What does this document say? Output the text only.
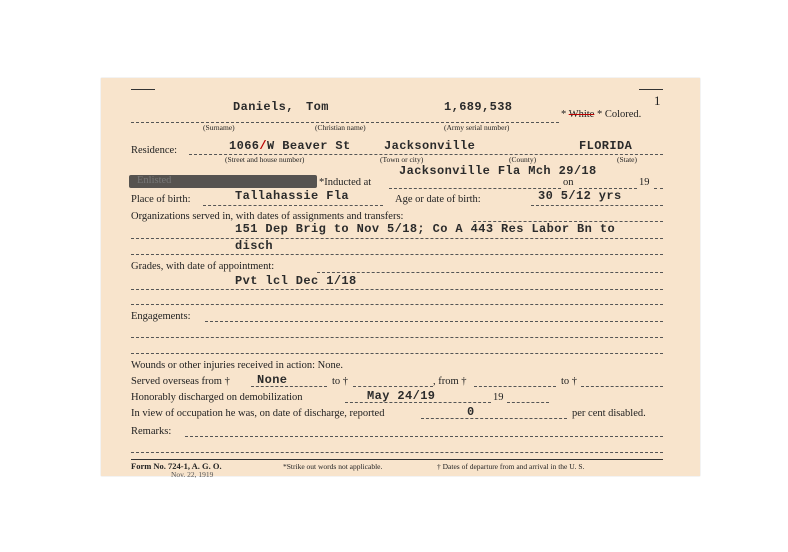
1
Daniels, Tom	1,689,538
* White * Colored.
(Surname)	(Christian name)	(Army serial number)
Residence:	1066/W Beaver St	Jacksonville	FLORIDA
(Street and house number)	(Town or city)	(County)	(State)
Jacksonville Fla Mch 29/18
Enlisted	*Inducted at	on	19
Place of birth:	Tallahassie Fla	Age or date of birth:	30 5/12 yrs
Organizations served in, with dates of assignments and transfers:
151 Dep Brig to Nov 5/18; Co A 443 Res Labor Bn to
disch
Grades, with date of appointment:
Pvt lcl Dec 1/18
Engagements:
Wounds or other injuries received in action: None.
Served overseas from † None	to †	, from †	to †
Honorably discharged on demobilization	May 24/19	19
In view of occupation he was, on date of discharge, reported	0	per cent disabled.
Remarks:
Form No. 724-1, A. G. O.
Nov. 22, 1919
*Strike out words not applicable.	† Dates of departure from and arrival in the U. S.
